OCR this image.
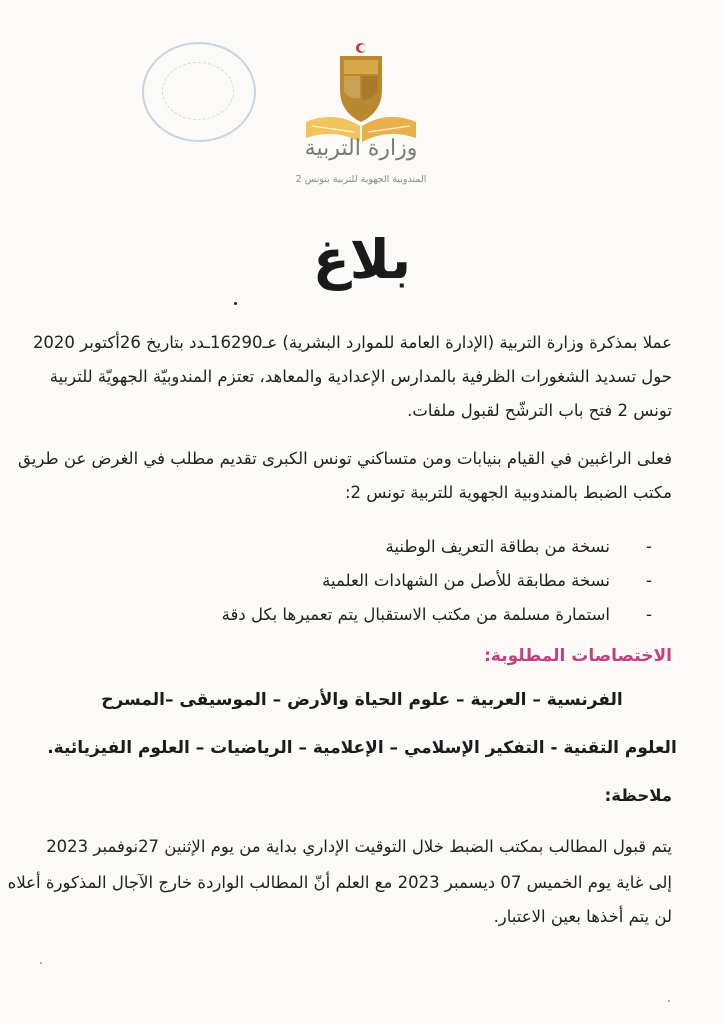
وزارة التربية
المندوبية الجهوية للتربية بتونس 2
بلاغ
عملا بمذكرة وزارة التربية (الإدارة العامة للموارد البشرية) عـ16290ـدد بتاريخ 26أكتوبر 2020
حول تسديد الشغورات الظرفية بالمدارس الإعدادية والمعاهد، تعتزم المندوبيّة الجهويّة للتربية
تونس 2 فتح باب الترشّح لقبول ملفات.
فعلى الراغبين في القيام بنيابات ومن متساكني تونس الكبرى تقديم مطلب في الغرض عن طريق
مكتب الضبط بالمندوبية الجهوية للتربية تونس 2:
-
نسخة من بطاقة التعريف الوطنية
-
نسخة مطابقة للأصل من الشهادات العلمية
-
استمارة مسلمة من مكتب الاستقبال يتم تعميرها بكل دقة
الاختصاصات المطلوبة:
الفرنسية – العربية – علوم الحياة والأرض – الموسيقى –المسرح
العلوم التقنية - التفكير الإسلامي – الإعلامية – الرياضيات – العلوم الفيزيائية.
ملاحظة:
يتم قبول المطالب بمكتب الضبط خلال التوقيت الإداري بداية من يوم الإثنين 27نوفمبر 2023
إلى غاية يوم الخميس 07 ديسمبر 2023 مع العلم أنّ المطالب الواردة خارج الآجال المذكورة أعلاه
لن يتم أخذها بعين الاعتبار.
